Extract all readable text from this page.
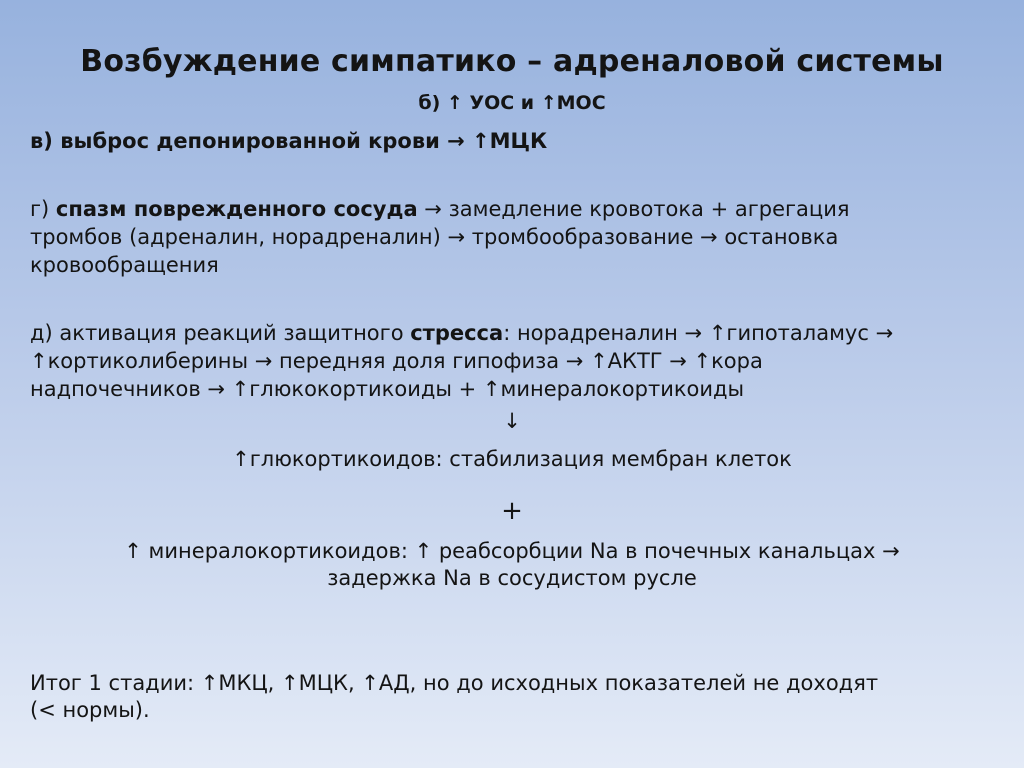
Возбуждение симпатико – адреналовой системы
б) ↑ УОС и ↑МОС
в) выброс депонированной крови → ↑МЦК
г) спазм поврежденного сосуда → замедление кровотока + агрегация
тромбов (адреналин, норадреналин) → тромбообразование → остановка
кровообращения
д) активация реакций защитного стресса: норадреналин → ↑гипоталамус →
↑кортиколиберины → передняя доля гипофиза → ↑АКТГ → ↑кора
надпочечников → ↑глюкокортикоиды + ↑минералокортикоиды
↓
↑глюкортикоидов: стабилизация мембран клеток
+
↑ минералокортикоидов: ↑ реабсорбции Na в почечных канальцах →
задержка Na в сосудистом русле
Итог 1 стадии: ↑МКЦ, ↑МЦК, ↑АД, но до исходных показателей не доходят
(< нормы).
